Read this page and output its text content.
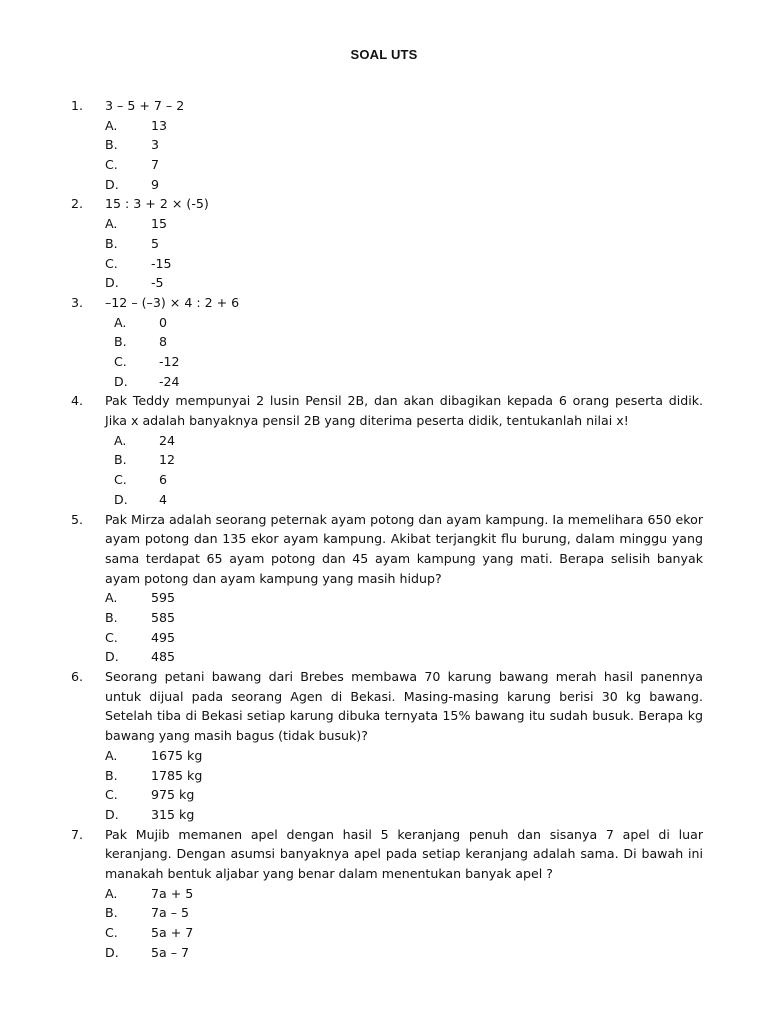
SOAL UTS
1.	3 – 5 + 7 – 2
A.	13
B.	3
C.	7
D.	9
2.	15 : 3 + 2 × (-5)
A.	15
B.	5
C.	-15
D.	-5
3.	–12 – (–3) × 4 : 2 + 6
A.	0
B.	8
C.	-12
D.	-24
4.	Pak Teddy mempunyai 2 lusin Pensil 2B, dan akan dibagikan kepada 6 orang peserta didik. Jika x adalah banyaknya pensil 2B yang diterima peserta didik, tentukanlah nilai x!
A.	24
B.	12
C.	6
D.	4
5.	Pak Mirza adalah seorang peternak ayam potong dan ayam kampung. Ia memelihara 650 ekor ayam potong dan 135 ekor ayam kampung. Akibat terjangkit flu burung, dalam minggu yang sama terdapat 65 ayam potong dan 45 ayam kampung yang mati. Berapa selisih banyak ayam potong dan ayam kampung yang masih hidup?
A.	595
B.	585
C.	495
D.	485
6.	Seorang petani bawang dari Brebes membawa 70 karung bawang merah hasil panennya untuk dijual pada seorang Agen di Bekasi. Masing-masing karung berisi 30 kg bawang. Setelah tiba di Bekasi setiap karung dibuka ternyata 15% bawang itu sudah busuk. Berapa kg bawang yang masih bagus (tidak busuk)?
A.	1675 kg
B.	1785 kg
C.	975 kg
D.	315 kg
7.	Pak Mujib memanen apel dengan hasil 5 keranjang penuh dan sisanya 7 apel di luar keranjang. Dengan asumsi banyaknya apel pada setiap keranjang adalah sama. Di bawah ini manakah bentuk aljabar yang benar dalam menentukan banyak apel ?
A.	7a + 5
B.	7a – 5
C.	5a + 7
D.	5a – 7
